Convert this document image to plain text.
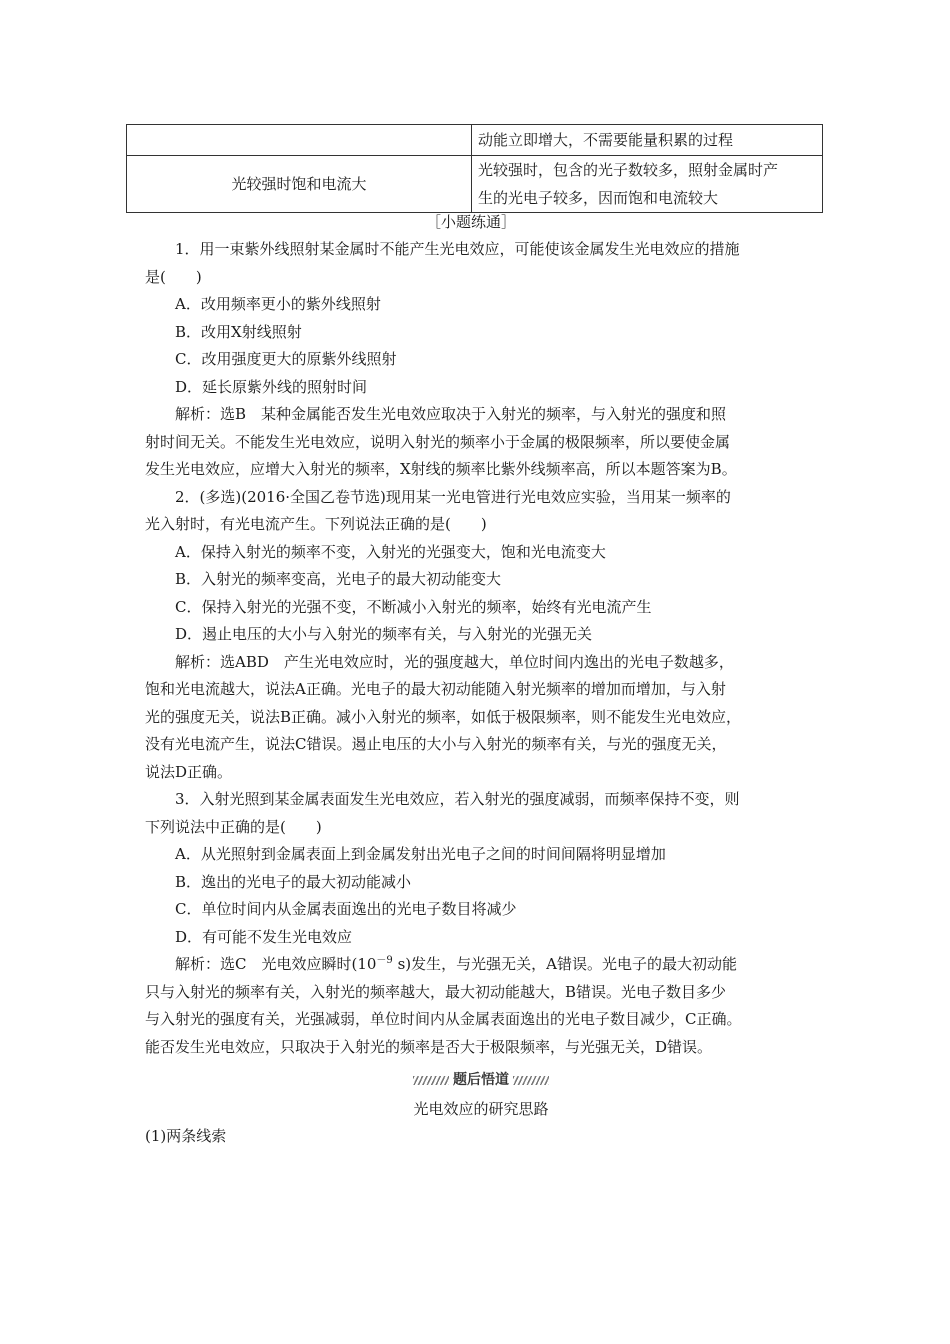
	动能立即增大，不需要能量积累的过程
光较强时饱和电流大	光较强时，包含的光子数较多，照射金属时产
生的光电子较多，因而饱和电流较大
［小题练通］

1．用一束紫外线照射某金属时不能产生光电效应，可能使该金属发生光电效应的措施
是(　　)

A．改用频率更小的紫外线照射

B．改用X射线照射

C．改用强度更大的原紫外线照射

D．延长原紫外线的照射时间

解析：选B　某种金属能否发生光电效应取决于入射光的频率，与入射光的强度和照
射时间无关。不能发生光电效应，说明入射光的频率小于金属的极限频率，所以要使金属
发生光电效应，应增大入射光的频率，X射线的频率比紫外线频率高，所以本题答案为B。

2．(多选)(2016·全国乙卷节选)现用某一光电管进行光电效应实验，当用某一频率的
光入射时，有光电流产生。下列说法正确的是(　　)

A．保持入射光的频率不变，入射光的光强变大，饱和光电流变大

B．入射光的频率变高，光电子的最大初动能变大

C．保持入射光的光强不变，不断减小入射光的频率，始终有光电流产生

D．遏止电压的大小与入射光的频率有关，与入射光的光强无关

解析：选ABD　产生光电效应时，光的强度越大，单位时间内逸出的光电子数越多，
饱和光电流越大，说法A正确。光电子的最大初动能随入射光频率的增加而增加，与入射
光的强度无关，说法B正确。减小入射光的频率，如低于极限频率，则不能发生光电效应，
没有光电流产生，说法C错误。遏止电压的大小与入射光的频率有关，与光的强度无关，
说法D正确。

3．入射光照到某金属表面发生光电效应，若入射光的强度减弱，而频率保持不变，则
下列说法中正确的是(　　)

A．从光照射到金属表面上到金属发射出光电子之间的时间间隔将明显增加

B．逸出的光电子的最大初动能减小

C．单位时间内从金属表面逸出的光电子数目将减少

D．有可能不发生光电效应

解析：选C　光电效应瞬时($10^{-9}$ s)发生，与光强无关，A错误。光电子的最大初动能
只与入射光的频率有关，入射光的频率越大，最大初动能越大，B错误。光电子数目多少
与入射光的强度有关，光强减弱，单位时间内从金属表面逸出的光电子数目减少，C正确。
能否发生光电效应，只取决于入射光的频率是否大于极限频率，与光强无关，D错误。

题后悟道
光电效应的研究思路

(1)两条线索
